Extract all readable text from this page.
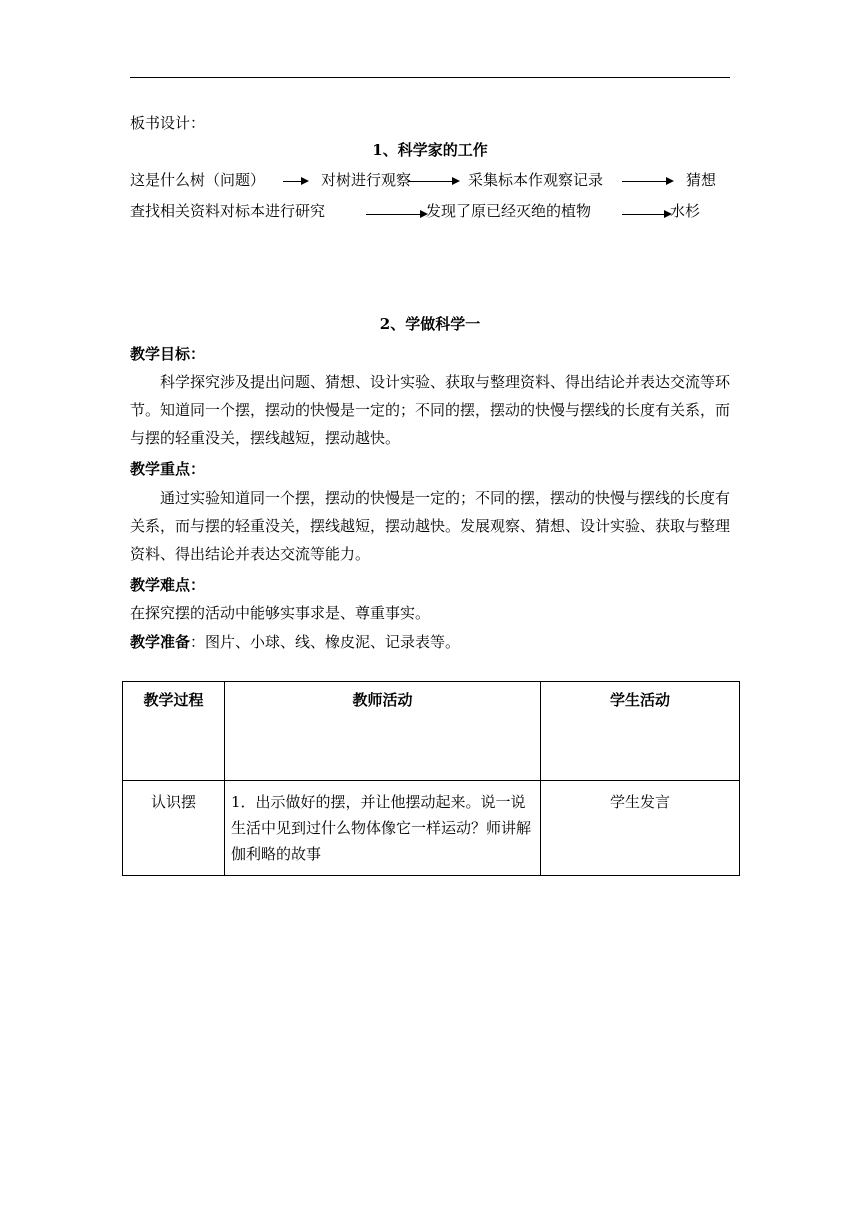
板书设计：
1、科学家的工作
这是什么树（问题）	对树进行观察	采集标本作观察记录	猜想
查找相关资料对标本进行研究	发现了原已经灭绝的植物	水杉
2、学做科学一
教学目标：
科学探究涉及提出问题、猜想、设计实验、获取与整理资料、得出结论并表达交流等环节。知道同一个摆，摆动的快慢是一定的；不同的摆，摆动的快慢与摆线的长度有关系，而与摆的轻重没关，摆线越短，摆动越快。
教学重点：
通过实验知道同一个摆，摆动的快慢是一定的；不同的摆，摆动的快慢与摆线的长度有关系，而与摆的轻重没关，摆线越短，摆动越快。发展观察、猜想、设计实验、获取与整理资料、得出结论并表达交流等能力。
教学难点：
在探究摆的活动中能够实事求是、尊重事实。
教学准备：图片、小球、线、橡皮泥、记录表等。
教学过程	教师活动	学生活动
认识摆	1．出示做好的摆，并让他摆动起来。说一说生活中见到过什么物体像它一样运动？师讲解伽利略的故事	学生发言
